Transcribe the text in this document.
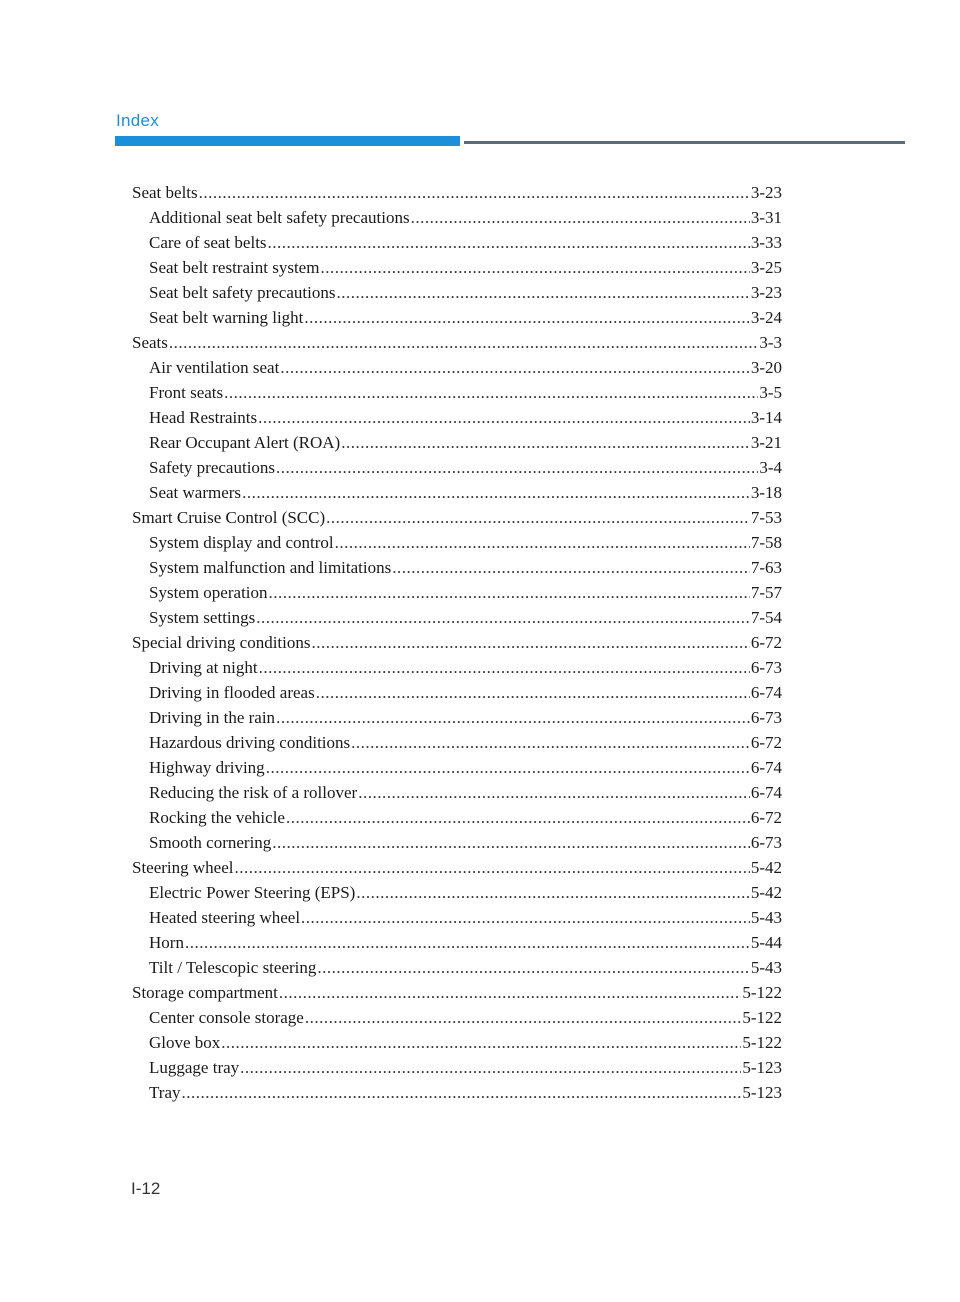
Index
Seat belts .....	3-23
Additional seat belt safety precautions .....	3-31
Care of seat belts .....	3-33
Seat belt restraint system .....	3-25
Seat belt safety precautions .....	3-23
Seat belt warning light .....	3-24
Seats .....	3-3
Air ventilation seat .....	3-20
Front seats .....	3-5
Head Restraints .....	3-14
Rear Occupant Alert (ROA) .....	3-21
Safety precautions .....	3-4
Seat warmers .....	3-18
Smart Cruise Control (SCC) .....	7-53
System display and control .....	7-58
System malfunction and limitations .....	7-63
System operation .....	7-57
System settings .....	7-54
Special driving conditions .....	6-72
Driving at night .....	6-73
Driving in flooded areas .....	6-74
Driving in the rain .....	6-73
Hazardous driving conditions .....	6-72
Highway driving .....	6-74
Reducing the risk of a rollover .....	6-74
Rocking the vehicle .....	6-72
Smooth cornering .....	6-73
Steering wheel .....	5-42
Electric Power Steering (EPS) .....	5-42
Heated steering wheel .....	5-43
Horn .....	5-44
Tilt / Telescopic steering .....	5-43
Storage compartment .....	5-122
Center console storage .....	5-122
Glove box .....	5-122
Luggage tray .....	5-123
Tray .....	5-123
I-12
